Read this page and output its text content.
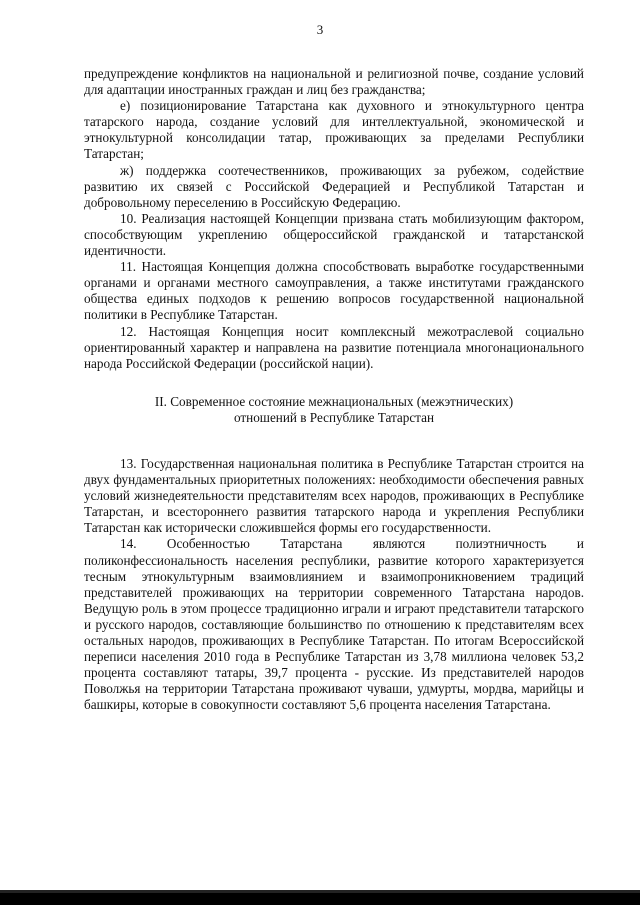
3

предупреждение конфликтов на национальной и религиозной почве, создание условий для адаптации иностранных граждан и лиц без гражданства;

е) позиционирование Татарстана как духовного и этнокультурного центра татарского народа, создание условий для интеллектуальной, экономической и этнокультурной консолидации татар, проживающих за пределами Республики Татарстан;

ж) поддержка соотечественников, проживающих за рубежом, содействие развитию их связей с Российской Федерацией и Республикой Татарстан и добровольному переселению в Российскую Федерацию.

10. Реализация настоящей Концепции призвана стать мобилизующим фактором, способствующим укреплению общероссийской гражданской и татарстанской идентичности.

11. Настоящая Концепция должна способствовать выработке государственными органами и органами местного самоуправления, а также институтами гражданского общества единых подходов к решению вопросов государственной национальной политики в Республике Татарстан.

12. Настоящая Концепция носит комплексный межотраслевой социально ориентированный характер и направлена на развитие потенциала многонационального народа Российской Федерации (российской нации).

II. Современное состояние межнациональных (межэтнических) отношений в Республике Татарстан

13. Государственная национальная политика в Республике Татарстан строится на двух фундаментальных приоритетных положениях: необходимости обеспечения равных условий жизнедеятельности представителям всех народов, проживающих в Республике Татарстан, и всестороннего развития татарского народа и укрепления Республики Татарстан как исторически сложившейся формы его государственности.

14. Особенностью Татарстана являются полиэтничность и поликонфессиональность населения республики, развитие которого характеризуется тесным этнокультурным взаимовлиянием и взаимопроникновением традиций представителей проживающих на территории современного Татарстана народов. Ведущую роль в этом процессе традиционно играли и играют представители татарского и русского народов, составляющие большинство по отношению к представителям всех остальных народов, проживающих в Республике Татарстан. По итогам Всероссийской переписи населения 2010 года в Республике Татарстан из 3,78 миллиона человек 53,2 процента составляют татары, 39,7 процента - русские. Из представителей народов Поволжья на территории Татарстана проживают чуваши, удмурты, мордва, марийцы и башкиры, которые в совокупности составляют 5,6 процента населения Татарстана.
